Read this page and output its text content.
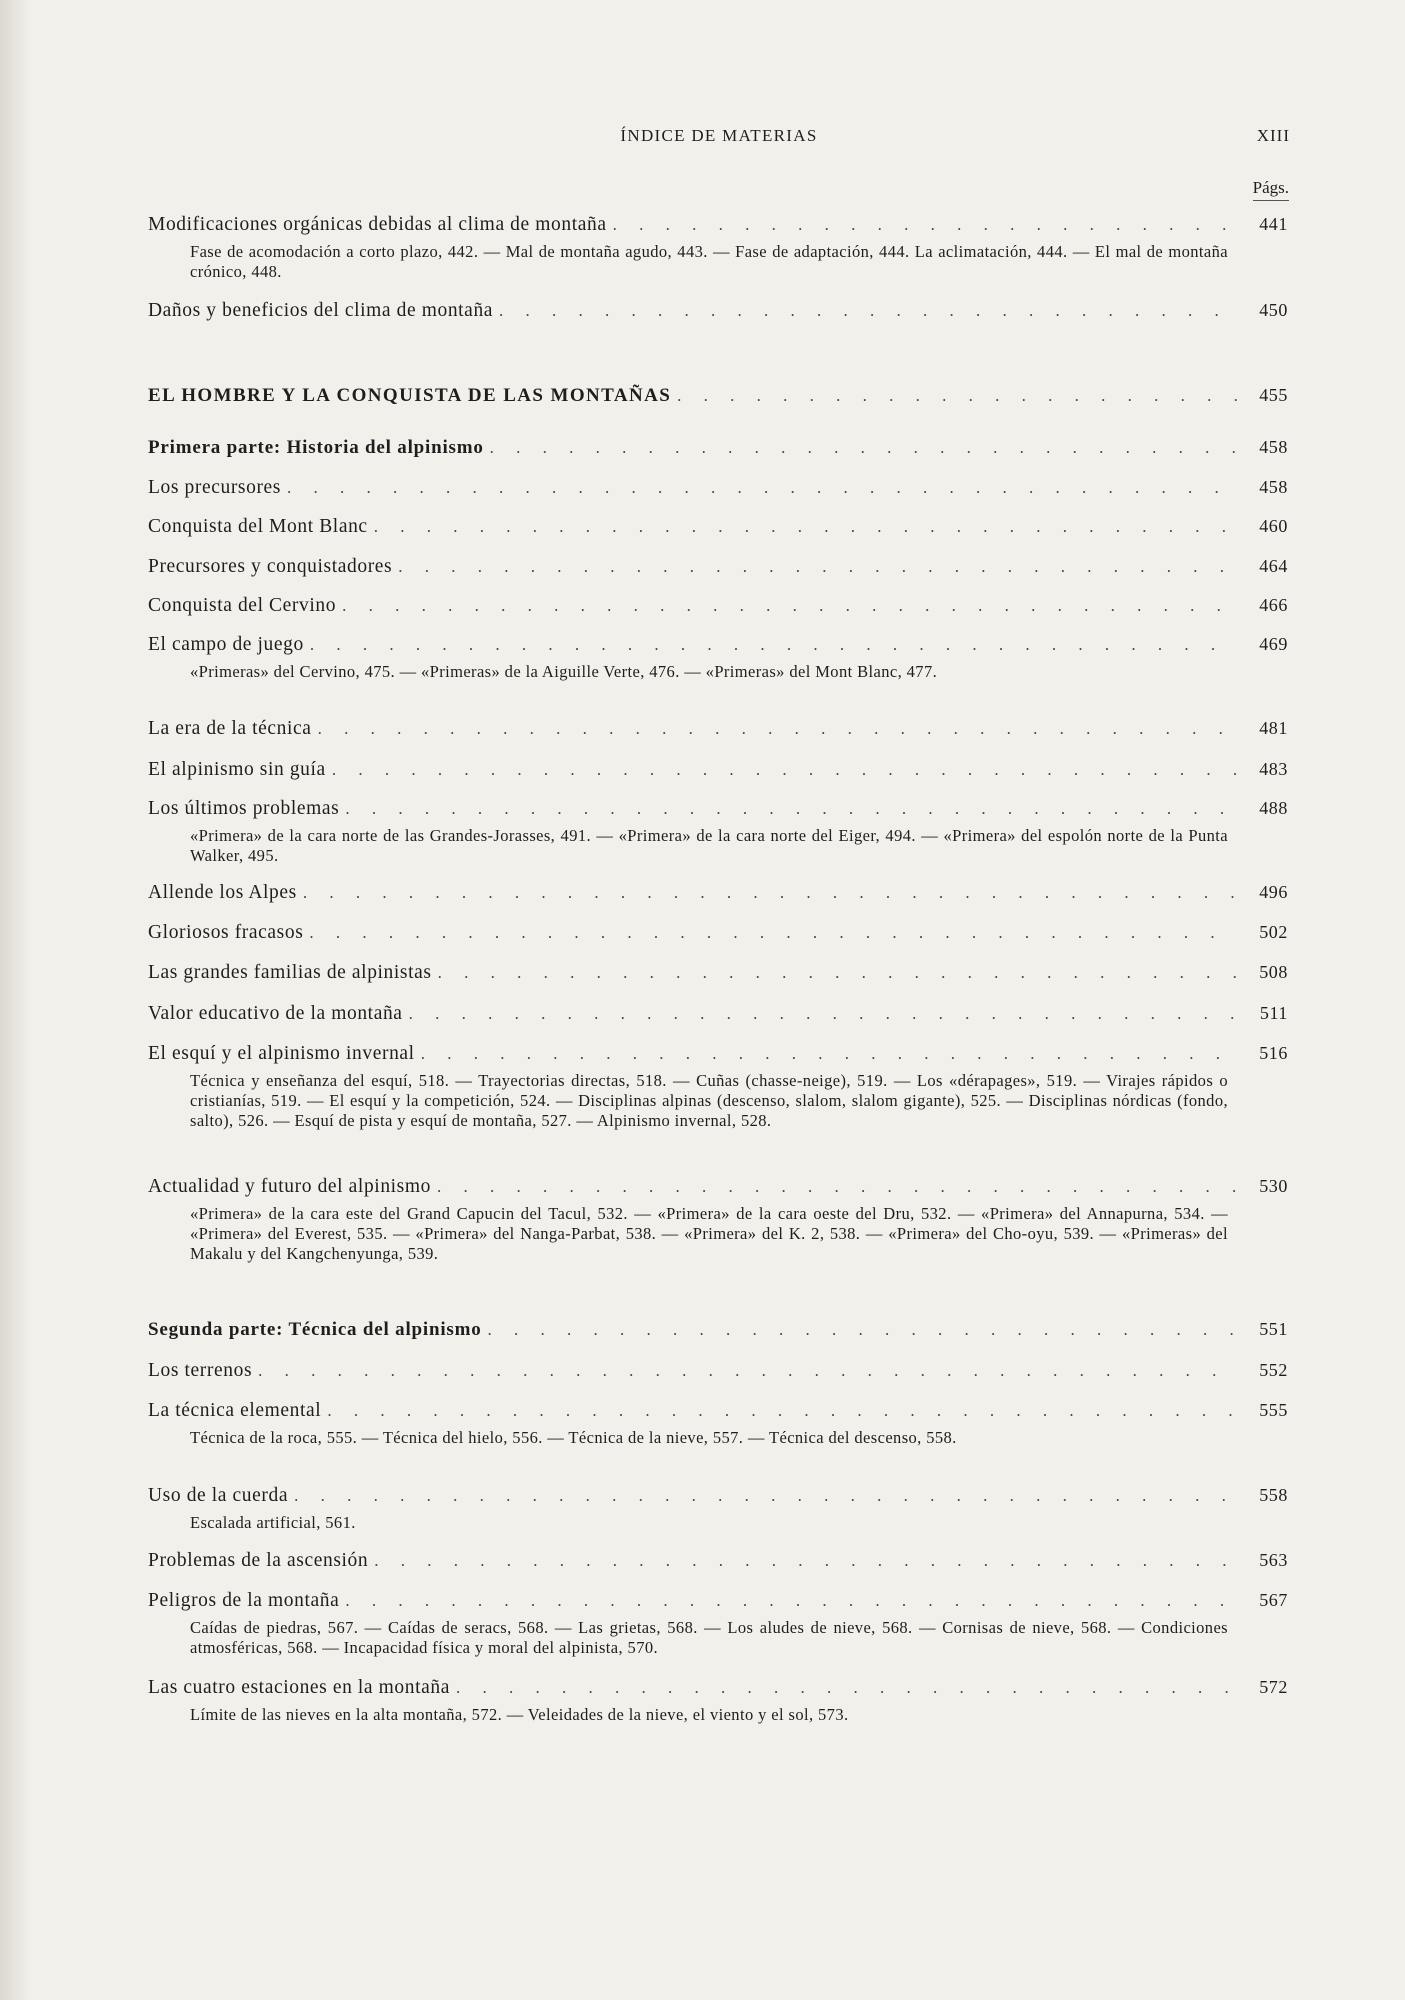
ÍNDICE DE MATERIAS	XIII
Págs.
Modificaciones orgánicas debidas al clima de montaña . . .	441
Fase de acomodación a corto plazo, 442. — Mal de montaña agudo, 443. — Fase de adaptación, 444. La aclimatación, 444. — El mal de montaña crónico, 448.
Daños y beneficios del clima de montaña . . .	450
EL HOMBRE Y LA CONQUISTA DE LAS MONTAÑAS . . .	455
Primera parte: Historia del alpinismo . . .	458
Los precursores . . .	458
Conquista del Mont Blanc . . .	460
Precursores y conquistadores . . .	464
Conquista del Cervino . . .	466
El campo de juego . . .	469
«Primeras» del Cervino, 475. — «Primeras» de la Aiguille Verte, 476. — «Primeras» del Mont Blanc, 477.
La era de la técnica . . .	481
El alpinismo sin guía . . .	483
Los últimos problemas . . .	488
«Primera» de la cara norte de las Grandes-Jorasses, 491. — «Primera» de la cara norte del Eiger, 494. — «Primera» del espolón norte de la Punta Walker, 495.
Allende los Alpes . . .	496
Gloriosos fracasos . . .	502
Las grandes familias de alpinistas . . .	508
Valor educativo de la montaña . . .	511
El esquí y el alpinismo invernal . . .	516
Técnica y enseñanza del esquí, 518. — Trayectorias directas, 518. — Cuñas (chasse-neige), 519. — Los «dérapages», 519. — Virajes rápidos o cristianías, 519. — El esquí y la competición, 524. — Disciplinas alpinas (descenso, slalom, slalom gigante), 525. — Disciplinas nórdicas (fondo, salto), 526. — Esquí de pista y esquí de montaña, 527. — Alpinismo invernal, 528.
Actualidad y futuro del alpinismo . . .	530
«Primera» de la cara este del Grand Capucin del Tacul, 532. — «Primera» de la cara oeste del Dru, 532. — «Primera» del Annapurna, 534. — «Primera» del Everest, 535. — «Primera» del Nanga-Parbat, 538. — «Primera» del K. 2, 538. — «Primera» del Cho-oyu, 539. — «Primeras» del Makalu y del Kangchenyunga, 539.
Segunda parte: Técnica del alpinismo . . .	551
Los terrenos . . .	552
La técnica elemental . . .	555
Técnica de la roca, 555. — Técnica del hielo, 556. — Técnica de la nieve, 557. — Técnica del descenso, 558.
Uso de la cuerda . . .	558
Escalada artificial, 561.
Problemas de la ascensión . . .	563
Peligros de la montaña . . .	567
Caídas de piedras, 567. — Caídas de seracs, 568. — Las grietas, 568. — Los aludes de nieve, 568. — Cornisas de nieve, 568. — Condiciones atmosféricas, 568. — Incapacidad física y moral del alpinista, 570.
Las cuatro estaciones en la montaña . . .	572
Límite de las nieves en la alta montaña, 572. — Veleidades de la nieve, el viento y el sol, 573.
